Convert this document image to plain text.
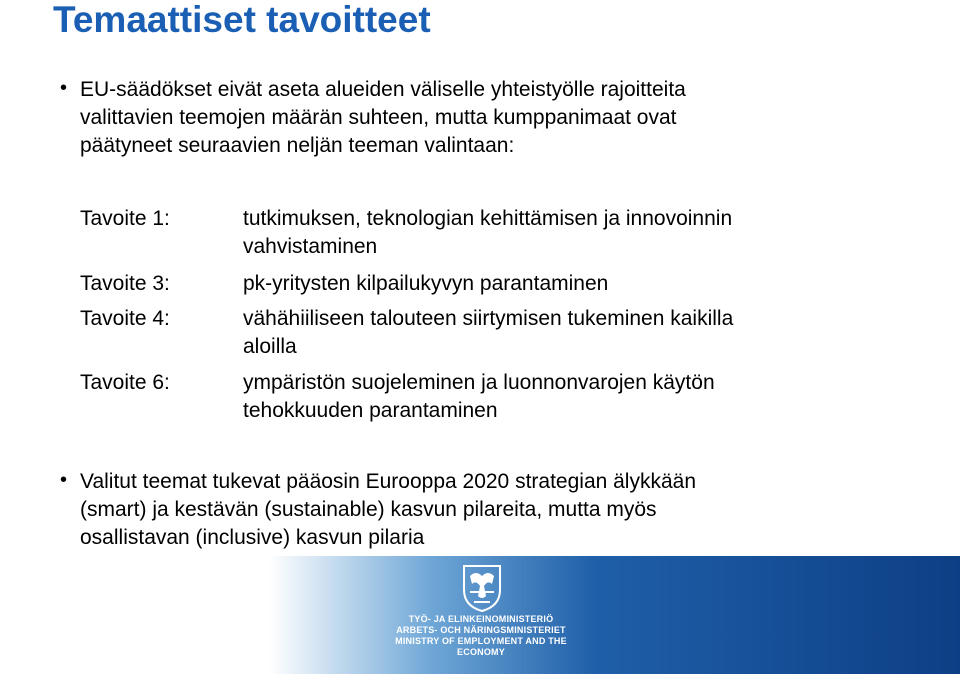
Temaattiset tavoitteet
• EU-säädökset eivät aseta alueiden väliselle yhteistyölle rajoitteita
valittavien teemojen määrän suhteen, mutta kumppanimaat ovat
päätyneet seuraavien neljän teeman valintaan:
Tavoite 1:	tutkimuksen, teknologian kehittämisen ja innovoinnin
vahvistaminen
Tavoite 3:	pk-yritysten kilpailukyvyn parantaminen
Tavoite 4:	vähähiiliseen talouteen siirtymisen tukeminen kaikilla
aloilla
Tavoite 6:	ympäristön suojeleminen ja luonnonvarojen käytön
tehokkuuden parantaminen
• Valitut teemat tukevat pääosin Eurooppa 2020 strategian älykkään
(smart) ja kestävän (sustainable) kasvun pilareita, mutta myös
osallistavan (inclusive) kasvun pilaria
TYÖ- JA ELINKEINOMINISTERIÖ
ARBETS- OCH NÄRINGSMINISTERIET
MINISTRY OF EMPLOYMENT AND THE ECONOMY
